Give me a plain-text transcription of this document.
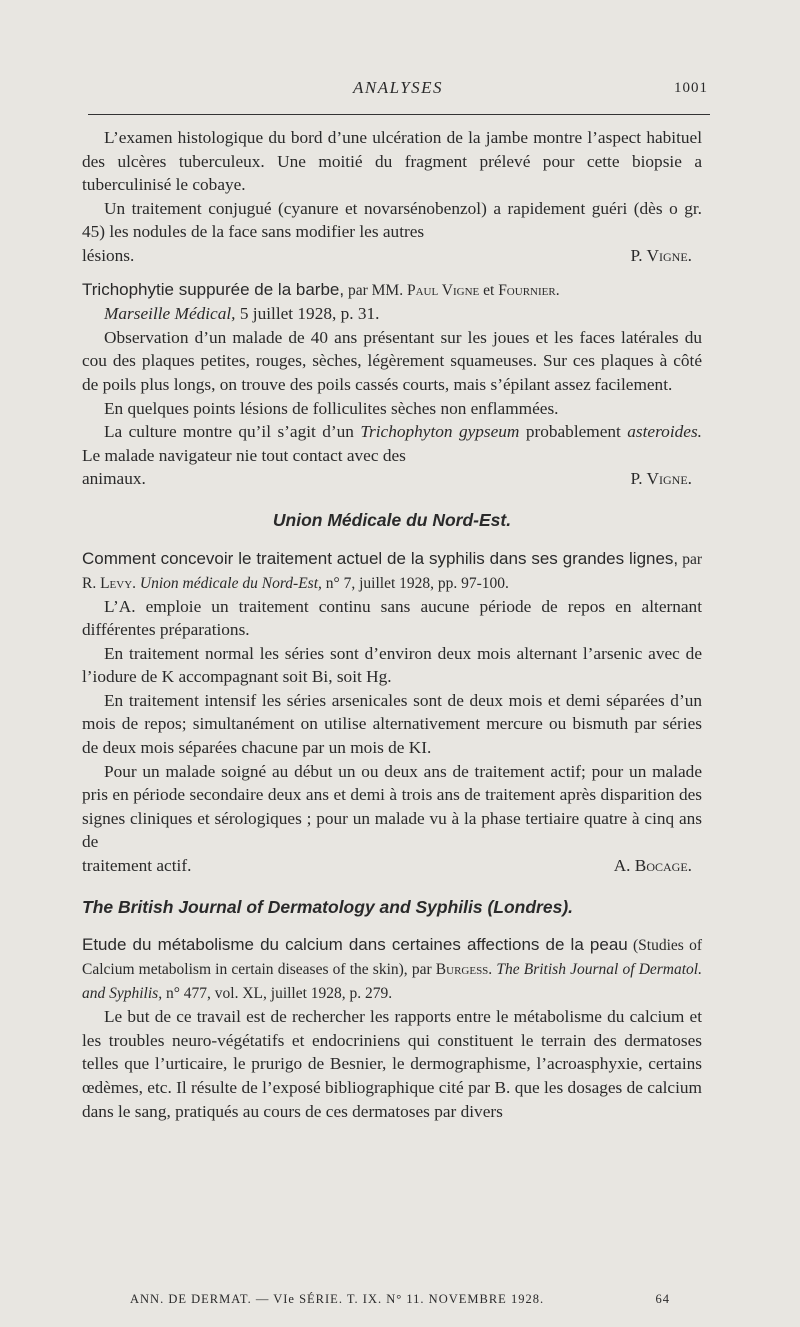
ANALYSES	1001

L’examen histologique du bord d’une ulcération de la jambe montre l’aspect habituel des ulcères tuberculeux. Une moitié du fragment prélevé pour cette biopsie a tuberculinisé le cobaye.

Un traitement conjugué (cyanure et novarsénobenzol) a rapidement guéri (dès o gr. 45) les nodules de la face sans modifier les autres

lésions.	P. Vigne.

Trichophytie suppurée de la barbe, par MM. Paul Vigne et Fournier.

Marseille Médical, 5 juillet 1928, p. 31.

Observation d’un malade de 40 ans présentant sur les joues et les faces latérales du cou des plaques petites, rouges, sèches, légèrement squameuses. Sur ces plaques à côté de poils plus longs, on trouve des poils cassés courts, mais s’épilant assez facilement.

En quelques points lésions de folliculites sèches non enflammées.

La culture montre qu’il s’agit d’un Trichophyton gypseum probablement asteroides. Le malade navigateur nie tout contact avec des

animaux.	P. Vigne.

Union Médicale du Nord-Est.
Comment concevoir le traitement actuel de la syphilis dans ses grandes lignes, par R. Levy. Union médicale du Nord-Est, n° 7, juillet 1928, pp. 97-100.

L’A. emploie un traitement continu sans aucune période de repos en alternant différentes préparations.

En traitement normal les séries sont d’environ deux mois alternant l’arsenic avec de l’iodure de K accompagnant soit Bi, soit Hg.

En traitement intensif les séries arsenicales sont de deux mois et demi séparées d’un mois de repos; simultanément on utilise alternativement mercure ou bismuth par séries de deux mois séparées chacune par un mois de KI.

Pour un malade soigné au début un ou deux ans de traitement actif; pour un malade pris en période secondaire deux ans et demi à trois ans de traitement après disparition des signes cliniques et sérologiques ; pour un malade vu à la phase tertiaire quatre à cinq ans de

traitement actif.	A. Bocage.

The British Journal of Dermatology and Syphilis (Londres).
Etude du métabolisme du calcium dans certaines affections de la peau (Studies of Calcium metabolism in certain diseases of the skin), par Burgess. The British Journal of Dermatol. and Syphilis, n° 477, vol. XL, juillet 1928, p. 279.

Le but de ce travail est de rechercher les rapports entre le métabolisme du calcium et les troubles neuro-végétatifs et endocriniens qui constituent le terrain des dermatoses telles que l’urticaire, le prurigo de Besnier, le dermographisme, l’acroasphyxie, certains œdèmes, etc. Il résulte de l’exposé bibliographique cité par B. que les dosages de calcium dans le sang, pratiqués au cours de ces dermatoses par divers

ANN. DE DERMAT. — VIe SÉRIE. T. IX. N° 11. NOVEMBRE 1928.	64
